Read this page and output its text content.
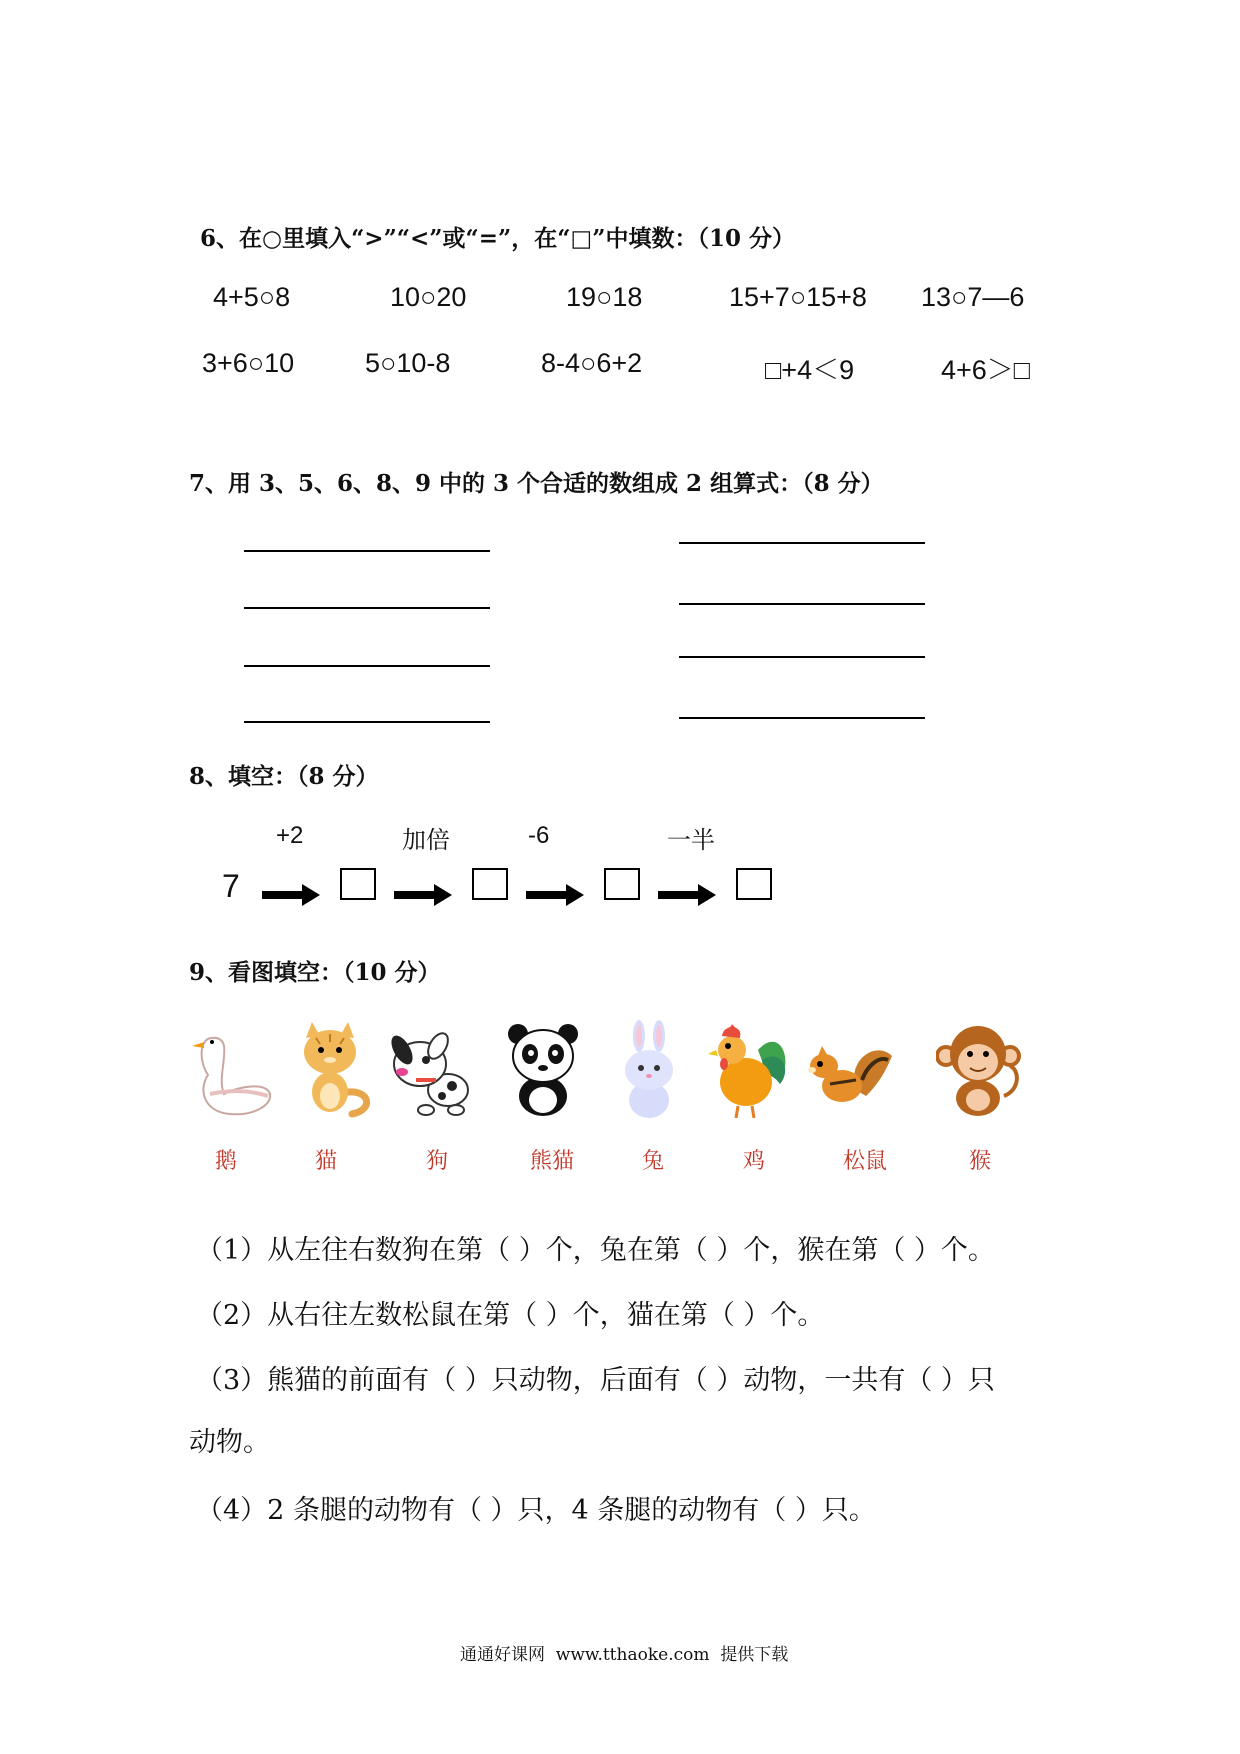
6、在○里填入“>”“<”或“=”，在“□”中填数：（10 分）
4+5○8	10○20	19○18	15+7○15+8 13○7—6
3+6○10	5○10-8	8-4○6+2	□+4＜9	4+6＞□
7、用 3、5、6、8、9 中的 3 个合适的数组成 2 组算式：（8 分）
8、填空：（8 分）
+2	加倍	-6	一半
7
9、看图填空：（10 分）
鹅	猫	狗	熊猫	兔	鸡	松鼠	猴
（1）从左往右数狗在第（ ）个，兔在第（ ）个，猴在第（ ）个。
（2）从右往左数松鼠在第（ ）个，猫在第（ ）个。
（3）熊猫的前面有（ ）只动物，后面有（ ）动物，一共有（ ）只
动物。
（4）2 条腿的动物有（ ）只，4 条腿的动物有（ ）只。
通通好课网  www.tthaoke.com  提供下载
